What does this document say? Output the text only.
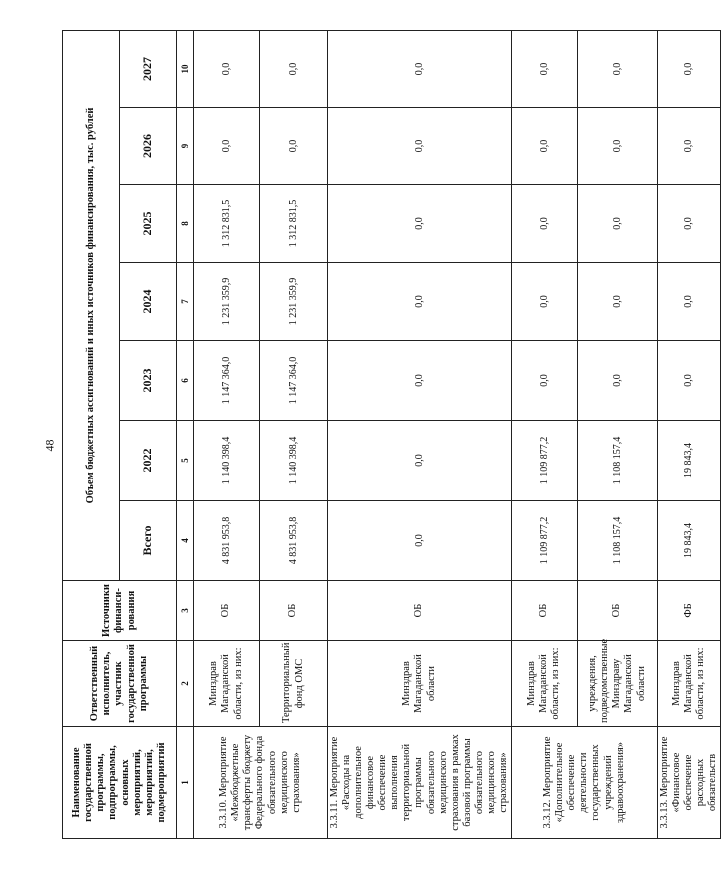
48
Наименование государственной программы, подпрограммы, основных мероприятий, мероприятий, подмероприятий	Ответственный исполнитель, участник государственной программы	Источники финанси-рования	Объем бюджетных ассигнований и иных источников финансирования, тыс. рублей						
			Всего	2022	2023	2024	2025	2026	2027
1	2	3	4	5	6	7	8	9	10
3.3.10. Мероприятие «Межбюджетные трансферты бюджету Федерального фонда обязательного медицинского страхования»	Минздрав Магаданской области, из них:	ОБ	4 831 953,8	1 140 398,4	1 147 364,0	1 231 359,9	1 312 831,5	0,0	0,0
	Территориальный фонд ОМС	ОБ	4 831 953,8	1 140 398,4	1 147 364,0	1 231 359,9	1 312 831,5	0,0	0,0
3.3.11. Мероприятие «Расходы на дополнительное финансовое обеспечение выполнения территориальной программы обязательного медицинского страхования в рамках базовой программы обязательного медицинского страхования»	Минздрав Магаданской области	ОБ	0,0	0,0	0,0	0,0	0,0	0,0	0,0
3.3.12. Мероприятие «Дополнительное обеспечение деятельности государственных учреждений здравоохранения»	Минздрав Магаданской области, из них:	ОБ	1 109 877,2	1 109 877,2	0,0	0,0	0,0	0,0	0,0
	учреждения, подведомственные Минздраву Магаданской области	ОБ	1 108 157,4	1 108 157,4	0,0	0,0	0,0	0,0	0,0
3.3.13. Мероприятие «Финансовое обеспечение расходных обязательств	Минздрав Магаданской области, из них:	ФБ	19 843,4	19 843,4	0,0	0,0	0,0	0,0	0,0
